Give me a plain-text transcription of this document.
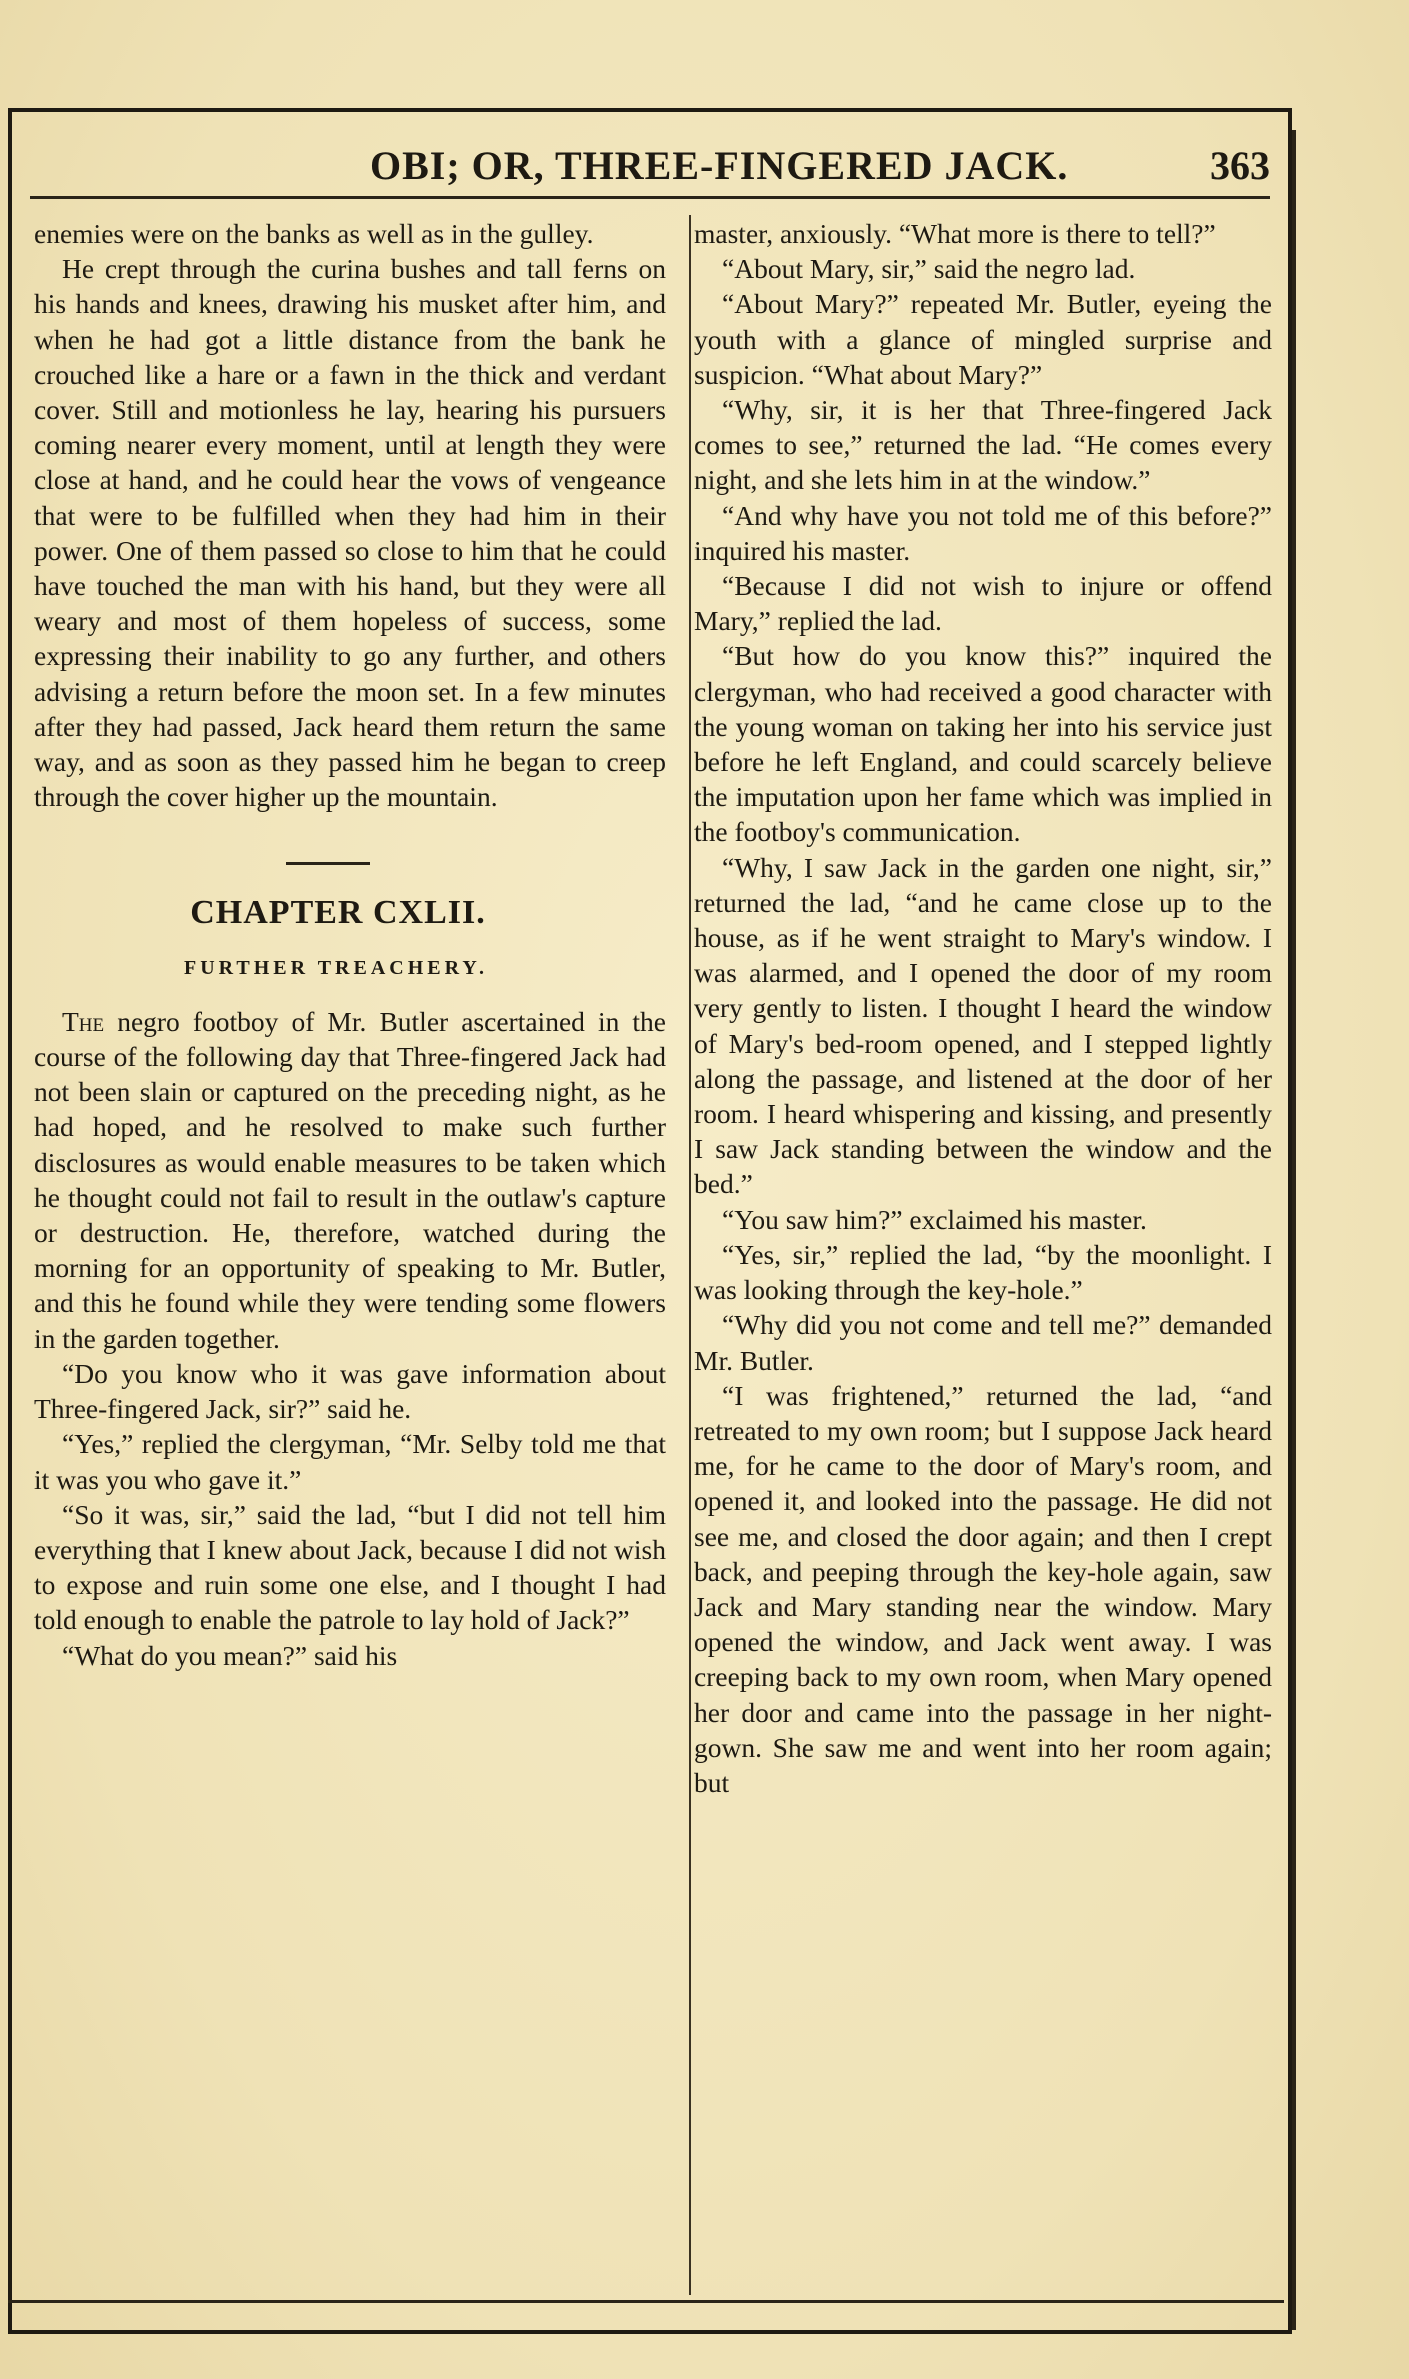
OBI; OR, THREE-FINGERED JACK.	363

enemies were on the banks as well as in the gulley.

He crept through the curina bushes and tall ferns on his hands and knees, drawing his musket after him, and when he had got a little distance from the bank he crouched like a hare or a fawn in the thick and verdant cover. Still and motionless he lay, hearing his pursuers coming nearer every moment, until at length they were close at hand, and he could hear the vows of vengeance that were to be fulfilled when they had him in their power. One of them passed so close to him that he could have touched the man with his hand, but they were all weary and most of them hopeless of success, some expressing their inability to go any further, and others advising a return before the moon set. In a few minutes after they had passed, Jack heard them return the same way, and as soon as they passed him he began to creep through the cover higher up the mountain.

CHAPTER CXLII.
FURTHER TREACHERY.

The negro footboy of Mr. Butler ascertained in the course of the following day that Three-fingered Jack had not been slain or captured on the preceding night, as he had hoped, and he resolved to make such further disclosures as would enable measures to be taken which he thought could not fail to result in the outlaw's capture or destruction. He, therefore, watched during the morning for an opportunity of speaking to Mr. Butler, and this he found while they were tending some flowers in the garden together.

“Do you know who it was gave information about Three-fingered Jack, sir?” said he.

“Yes,” replied the clergyman, “Mr. Selby told me that it was you who gave it.”

“So it was, sir,” said the lad, “but I did not tell him everything that I knew about Jack, because I did not wish to expose and ruin some one else, and I thought I had told enough to enable the patrole to lay hold of Jack?”

“What do you mean?” said his

master, anxiously. “What more is there to tell?”

“About Mary, sir,” said the negro lad.

“About Mary?” repeated Mr. Butler, eyeing the youth with a glance of mingled surprise and suspicion. “What about Mary?”

“Why, sir, it is her that Three-fingered Jack comes to see,” returned the lad. “He comes every night, and she lets him in at the window.”

“And why have you not told me of this before?” inquired his master.

“Because I did not wish to injure or offend Mary,” replied the lad.

“But how do you know this?” inquired the clergyman, who had received a good character with the young woman on taking her into his service just before he left England, and could scarcely believe the imputation upon her fame which was implied in the footboy's communication.

“Why, I saw Jack in the garden one night, sir,” returned the lad, “and he came close up to the house, as if he went straight to Mary's window. I was alarmed, and I opened the door of my room very gently to listen. I thought I heard the window of Mary's bed-room opened, and I stepped lightly along the passage, and listened at the door of her room. I heard whispering and kissing, and presently I saw Jack standing between the window and the bed.”

“You saw him?” exclaimed his master.

“Yes, sir,” replied the lad, “by the moonlight. I was looking through the key-hole.”

“Why did you not come and tell me?” demanded Mr. Butler.

“I was frightened,” returned the lad, “and retreated to my own room; but I suppose Jack heard me, for he came to the door of Mary's room, and opened it, and looked into the passage. He did not see me, and closed the door again; and then I crept back, and peeping through the key-hole again, saw Jack and Mary standing near the window. Mary opened the window, and Jack went away. I was creeping back to my own room, when Mary opened her door and came into the passage in her night-gown. She saw me and went into her room again; but
